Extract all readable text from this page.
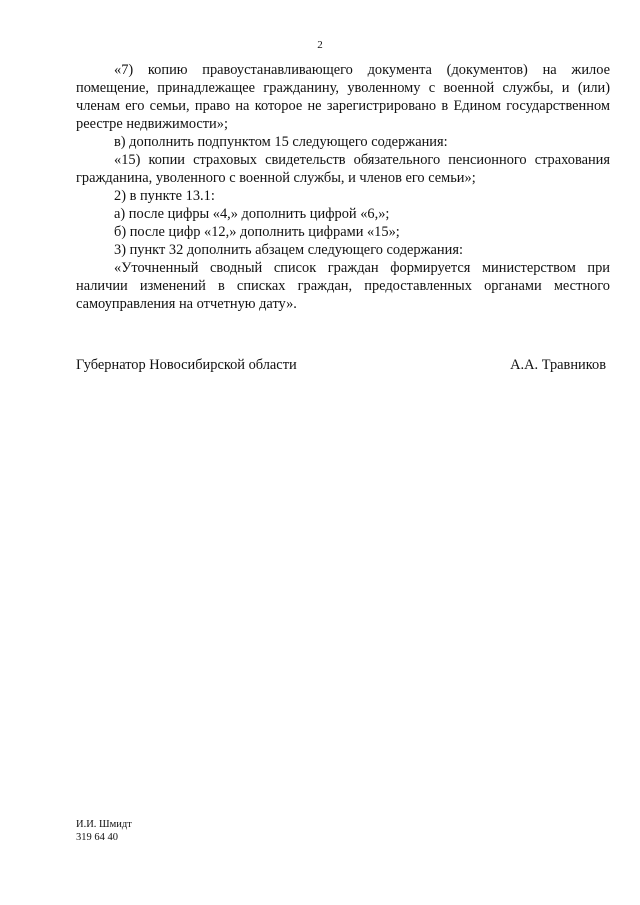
2

«7) копию правоустанавливающего документа (документов) на жилое помещение, принадлежащее гражданину, уволенному с военной службы, и (или) членам его семьи, право на которое не зарегистрировано в Едином государственном реестре недвижимости»;

в) дополнить подпунктом 15 следующего содержания:

«15) копии страховых свидетельств обязательного пенсионного страхования гражданина, уволенного с военной службы, и членов его семьи»;

2) в пункте 13.1:

а) после цифры «4,» дополнить цифрой «6,»;

б) после цифр «12,» дополнить цифрами «15»;

3) пункт 32 дополнить абзацем следующего содержания:

«Уточненный сводный список граждан формируется министерством при наличии изменений в списках граждан, предоставленных органами местного самоуправления на отчетную дату».

Губернатор Новосибирской области	А.А. Травников
И.И. Шмидт
319 64 40
